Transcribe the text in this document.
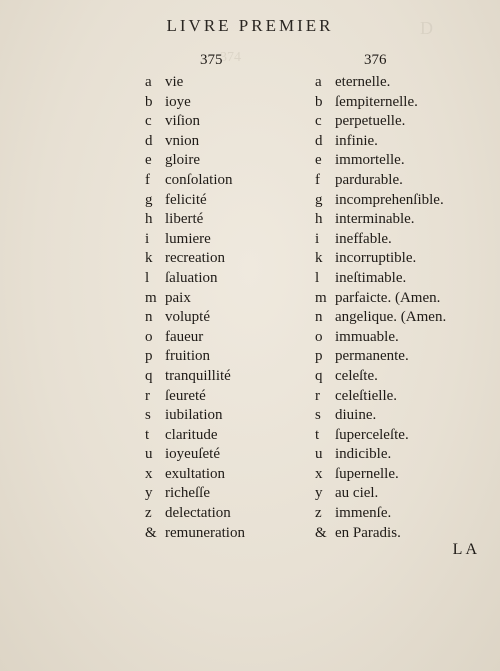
374
D
LIVRE PREMIER
375	376
a vie
b ioye
c viſion
d vnion
e gloire
f	conſolation
g felicité
h liberté
i	lumiere
k recreation
l	ſaluation
m paix
n volupté
o faueur
p fruition
q tranquillité
r	ſeureté
s iubilation
t	claritude
u ioyeuſeté
x exultation
y richeſſe
z delectation
& remuneration
a eternelle.
b ſempiternelle.
c perpetuelle.
d infinie.
e immortelle.
f	pardurable.
g incomprehenſible.
h interminable.
i	ineffable.
k incorruptible.
l	ineſtimable.
m parfaicte. (Amen.
n angelique. (Amen.
o immuable.
p permanente.
q celeſte.
r	celeſtielle.
s diuine.
t	ſuperceleſte.
u indicible.
x ſupernelle.
y au ciel.
z immenſe.
& en Paradis.
LA
